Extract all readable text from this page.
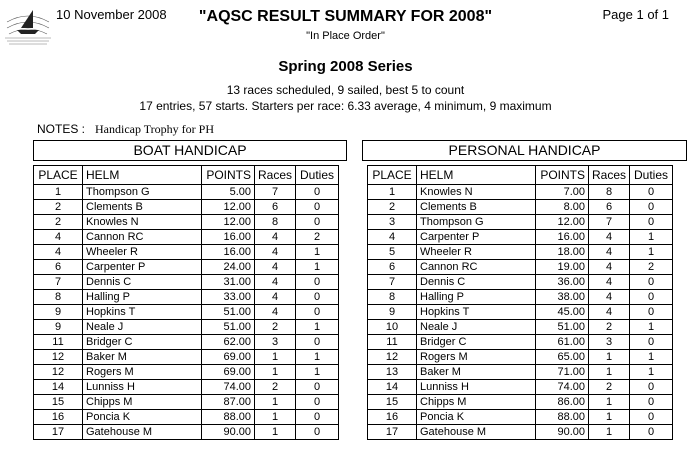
10 November 2008	"AQSC RESULT SUMMARY FOR 2008"
"In Place Order"
Page 1 of 1
Spring 2008 Series
13 races scheduled, 9 sailed, best 5 to count
17 entries, 57 starts. Starters per race: 6.33 average, 4 minimum, 9 maximum
NOTES : Handicap Trophy for PH
BOAT HANDICAP	PERSONAL HANDICAP
PLACE	HELM	POINTS	Races	Duties
1	Thompson G	5.00	7	0
2	Clements B	12.00	6	0
2	Knowles N	12.00	8	0
4	Cannon RC	16.00	4	2
4	Wheeler R	16.00	4	1
6	Carpenter P	24.00	4	1
7	Dennis C	31.00	4	0
8	Halling P	33.00	4	0
9	Hopkins T	51.00	4	0
9	Neale J	51.00	2	1
11	Bridger C	62.00	3	0
12	Baker M	69.00	1	1
12	Rogers M	69.00	1	1
14	Lunniss H	74.00	2	0
15	Chipps M	87.00	1	0
16	Poncia K	88.00	1	0
17	Gatehouse M	90.00	1	0
PLACE	HELM	POINTS	Races	Duties
1	Knowles N	7.00	8	0
2	Clements B	8.00	6	0
3	Thompson G	12.00	7	0
4	Carpenter P	16.00	4	1
5	Wheeler R	18.00	4	1
6	Cannon RC	19.00	4	2
7	Dennis C	36.00	4	0
8	Halling P	38.00	4	0
9	Hopkins T	45.00	4	0
10	Neale J	51.00	2	1
11	Bridger C	61.00	3	0
12	Rogers M	65.00	1	1
13	Baker M	71.00	1	1
14	Lunniss H	74.00	2	0
15	Chipps M	86.00	1	0
16	Poncia K	88.00	1	0
17	Gatehouse M	90.00	1	0
